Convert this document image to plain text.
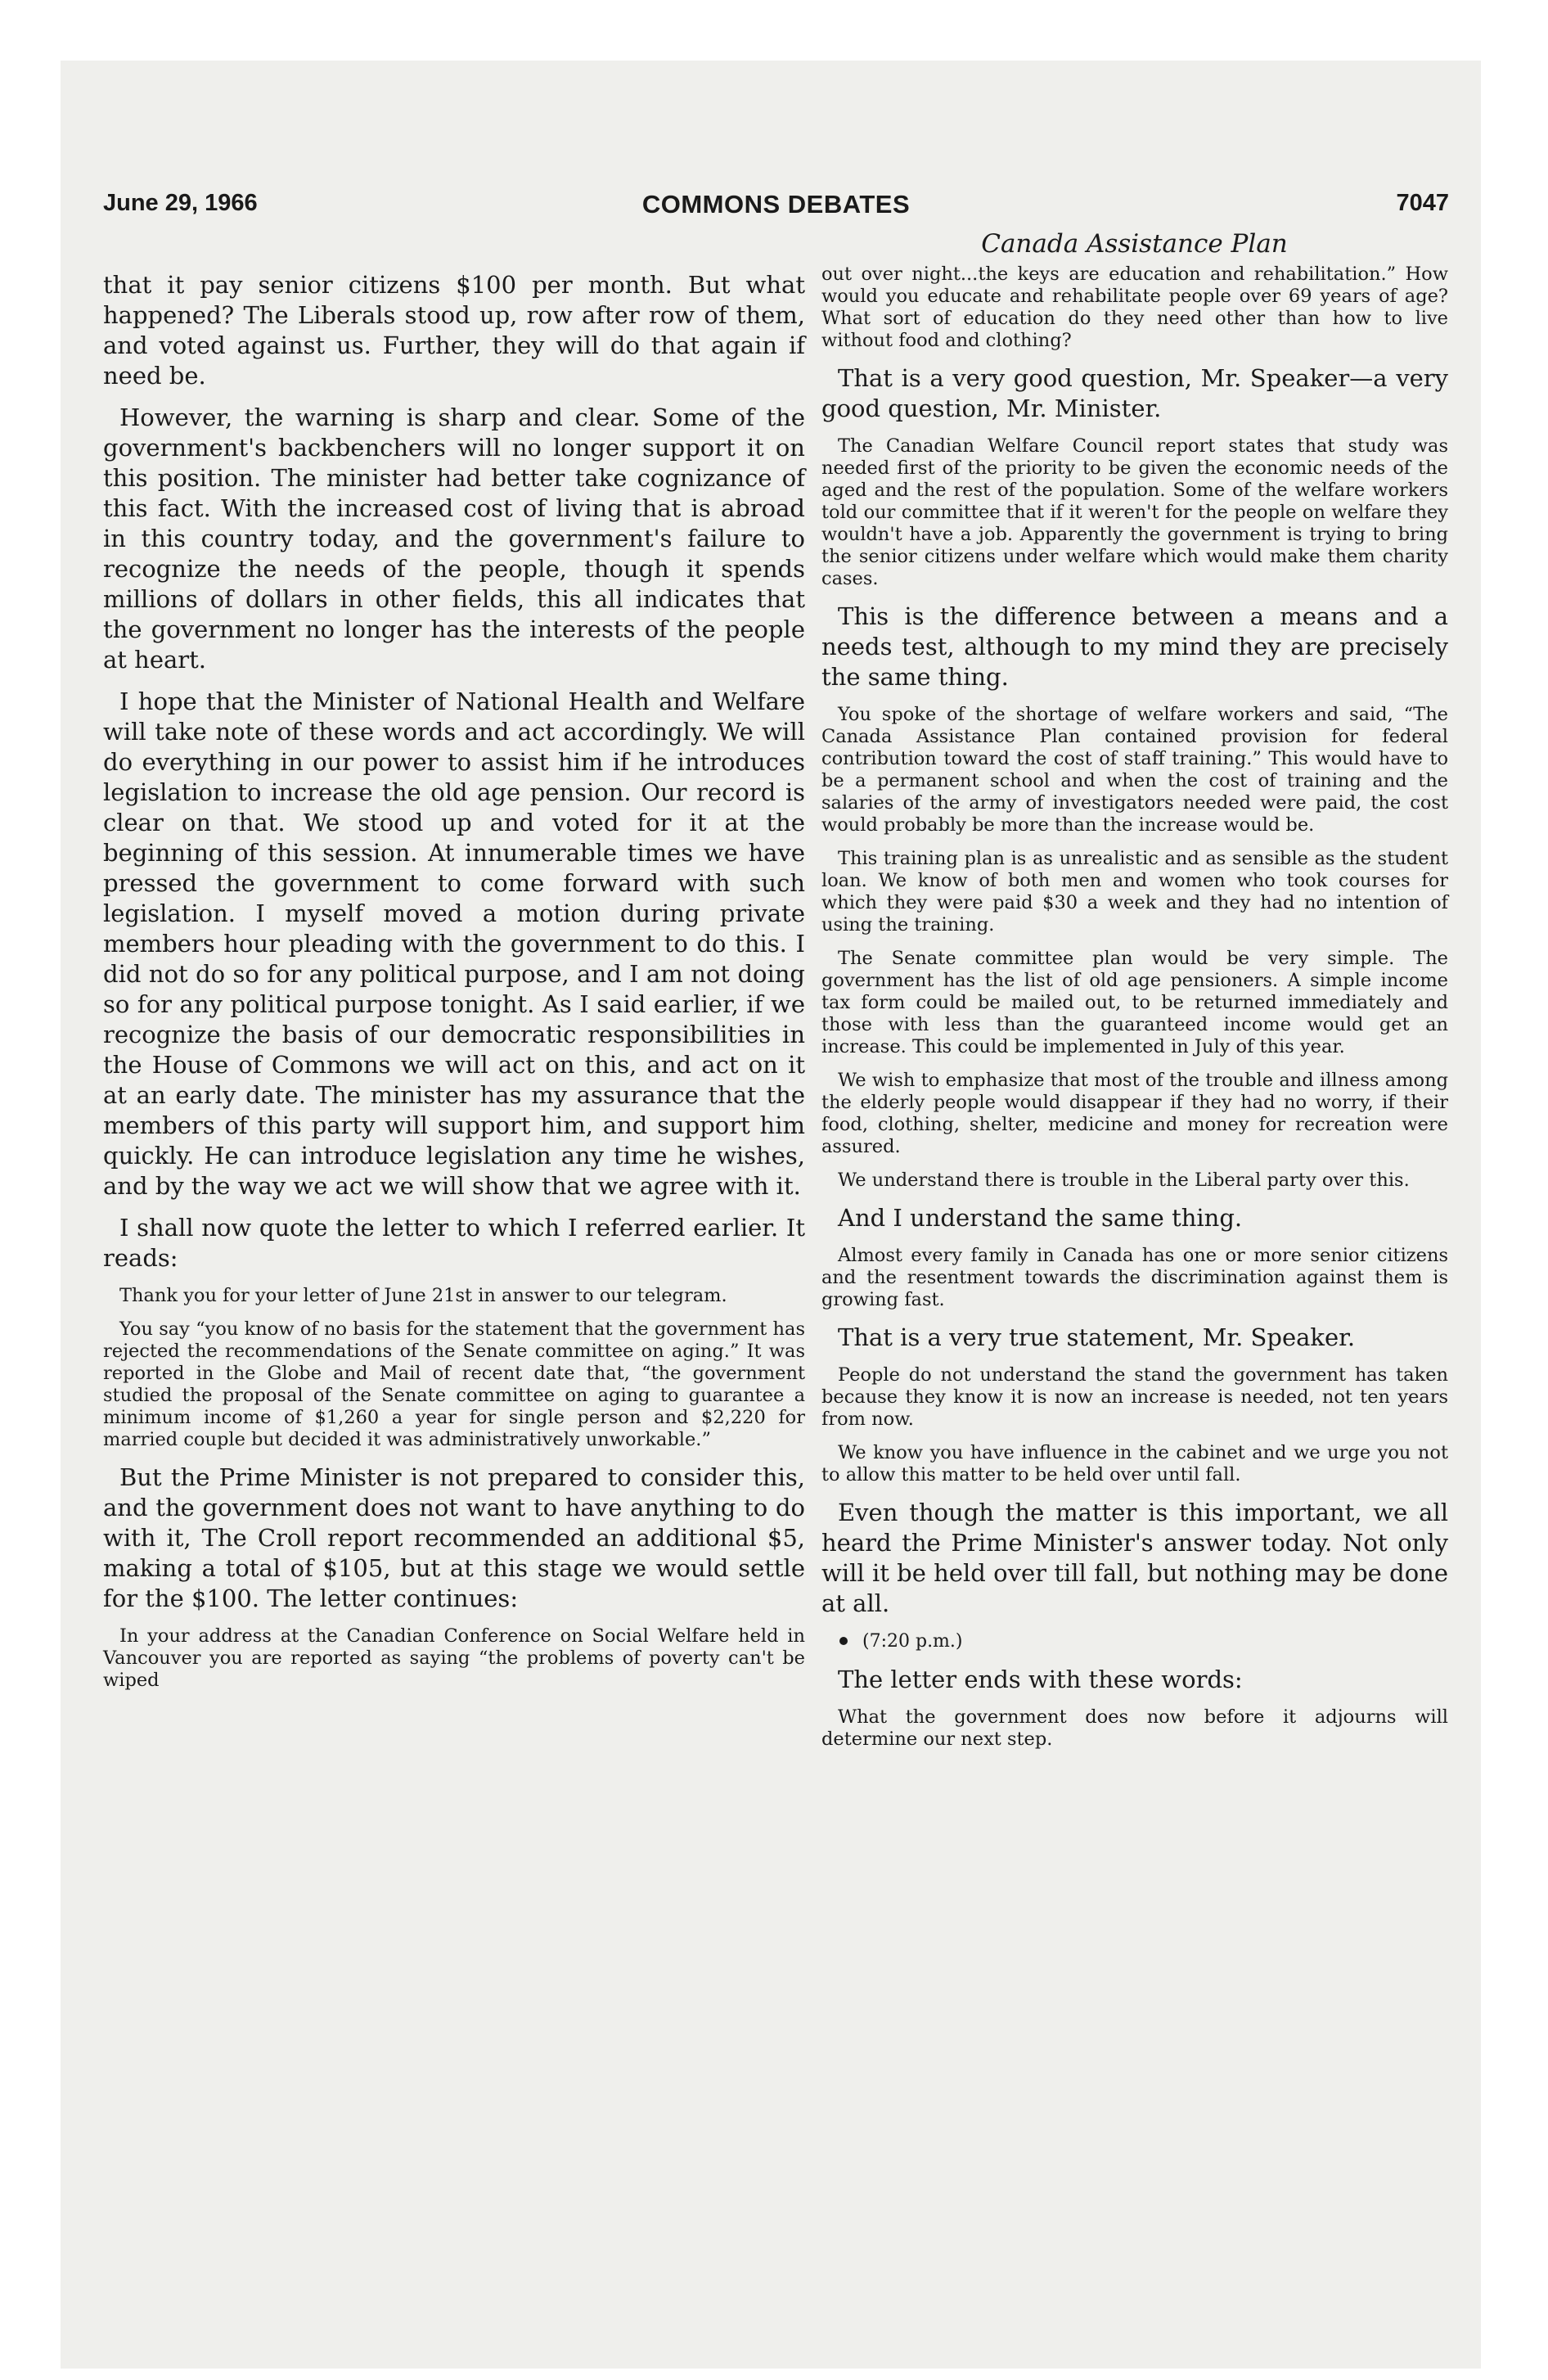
June 29, 1966	COMMONS DEBATES	7047
Canada Assistance Plan

that it pay senior citizens $100 per month. But what happened? The Liberals stood up, row after row of them, and voted against us. Further, they will do that again if need be.

However, the warning is sharp and clear. Some of the government's backbenchers will no longer support it on this position. The minister had better take cognizance of this fact. With the increased cost of living that is abroad in this country today, and the government's failure to recognize the needs of the people, though it spends millions of dollars in other fields, this all indicates that the government no longer has the interests of the people at heart.

I hope that the Minister of National Health and Welfare will take note of these words and act accordingly. We will do everything in our power to assist him if he introduces legislation to increase the old age pension. Our record is clear on that. We stood up and voted for it at the beginning of this session. At innumerable times we have pressed the government to come forward with such legislation. I myself moved a motion during private members hour pleading with the government to do this. I did not do so for any political purpose, and I am not doing so for any political purpose tonight. As I said earlier, if we recognize the basis of our democratic responsibilities in the House of Commons we will act on this, and act on it at an early date. The minister has my assurance that the members of this party will support him, and support him quickly. He can introduce legislation any time he wishes, and by the way we act we will show that we agree with it.

I shall now quote the letter to which I referred earlier. It reads:

Thank you for your letter of June 21st in answer to our telegram.

You say “you know of no basis for the statement that the government has rejected the recommendations of the Senate committee on aging.” It was reported in the Globe and Mail of recent date that, “the government studied the proposal of the Senate committee on aging to guarantee a minimum income of $1,260 a year for single person and $2,220 for married couple but decided it was administratively unworkable.”

But the Prime Minister is not prepared to consider this, and the government does not want to have anything to do with it, The Croll report recommended an additional $5, making a total of $105, but at this stage we would settle for the $100. The letter continues:

In your address at the Canadian Conference on Social Welfare held in Vancouver you are reported as saying “the problems of poverty can't be wiped

out over night...the keys are education and rehabilitation.” How would you educate and rehabilitate people over 69 years of age? What sort of education do they need other than how to live without food and clothing?

That is a very good question, Mr. Speaker—a very good question, Mr. Minister.

The Canadian Welfare Council report states that study was needed first of the priority to be given the economic needs of the aged and the rest of the population. Some of the welfare workers told our committee that if it weren't for the people on welfare they wouldn't have a job. Apparently the government is trying to bring the senior citizens under welfare which would make them charity cases.

This is the difference between a means and a needs test, although to my mind they are precisely the same thing.

You spoke of the shortage of welfare workers and said, “The Canada Assistance Plan contained provision for federal contribution toward the cost of staff training.” This would have to be a permanent school and when the cost of training and the salaries of the army of investigators needed were paid, the cost would probably be more than the increase would be.

This training plan is as unrealistic and as sensible as the student loan. We know of both men and women who took courses for which they were paid $30 a week and they had no intention of using the training.

The Senate committee plan would be very simple. The government has the list of old age pensioners. A simple income tax form could be mailed out, to be returned immediately and those with less than the guaranteed income would get an increase. This could be implemented in July of this year.

We wish to emphasize that most of the trouble and illness among the elderly people would disappear if they had no worry, if their food, clothing, shelter, medicine and money for recreation were assured.

We understand there is trouble in the Liberal party over this.

And I understand the same thing.

Almost every family in Canada has one or more senior citizens and the resentment towards the discrimination against them is growing fast.

That is a very true statement, Mr. Speaker.

People do not understand the stand the government has taken because they know it is now an increase is needed, not ten years from now.

We know you have influence in the cabinet and we urge you not to allow this matter to be held over until fall.

Even though the matter is this important, we all heard the Prime Minister's answer today. Not only will it be held over till fall, but nothing may be done at all.

(7:20 p.m.)

The letter ends with these words:

What the government does now before it adjourns will determine our next step.
